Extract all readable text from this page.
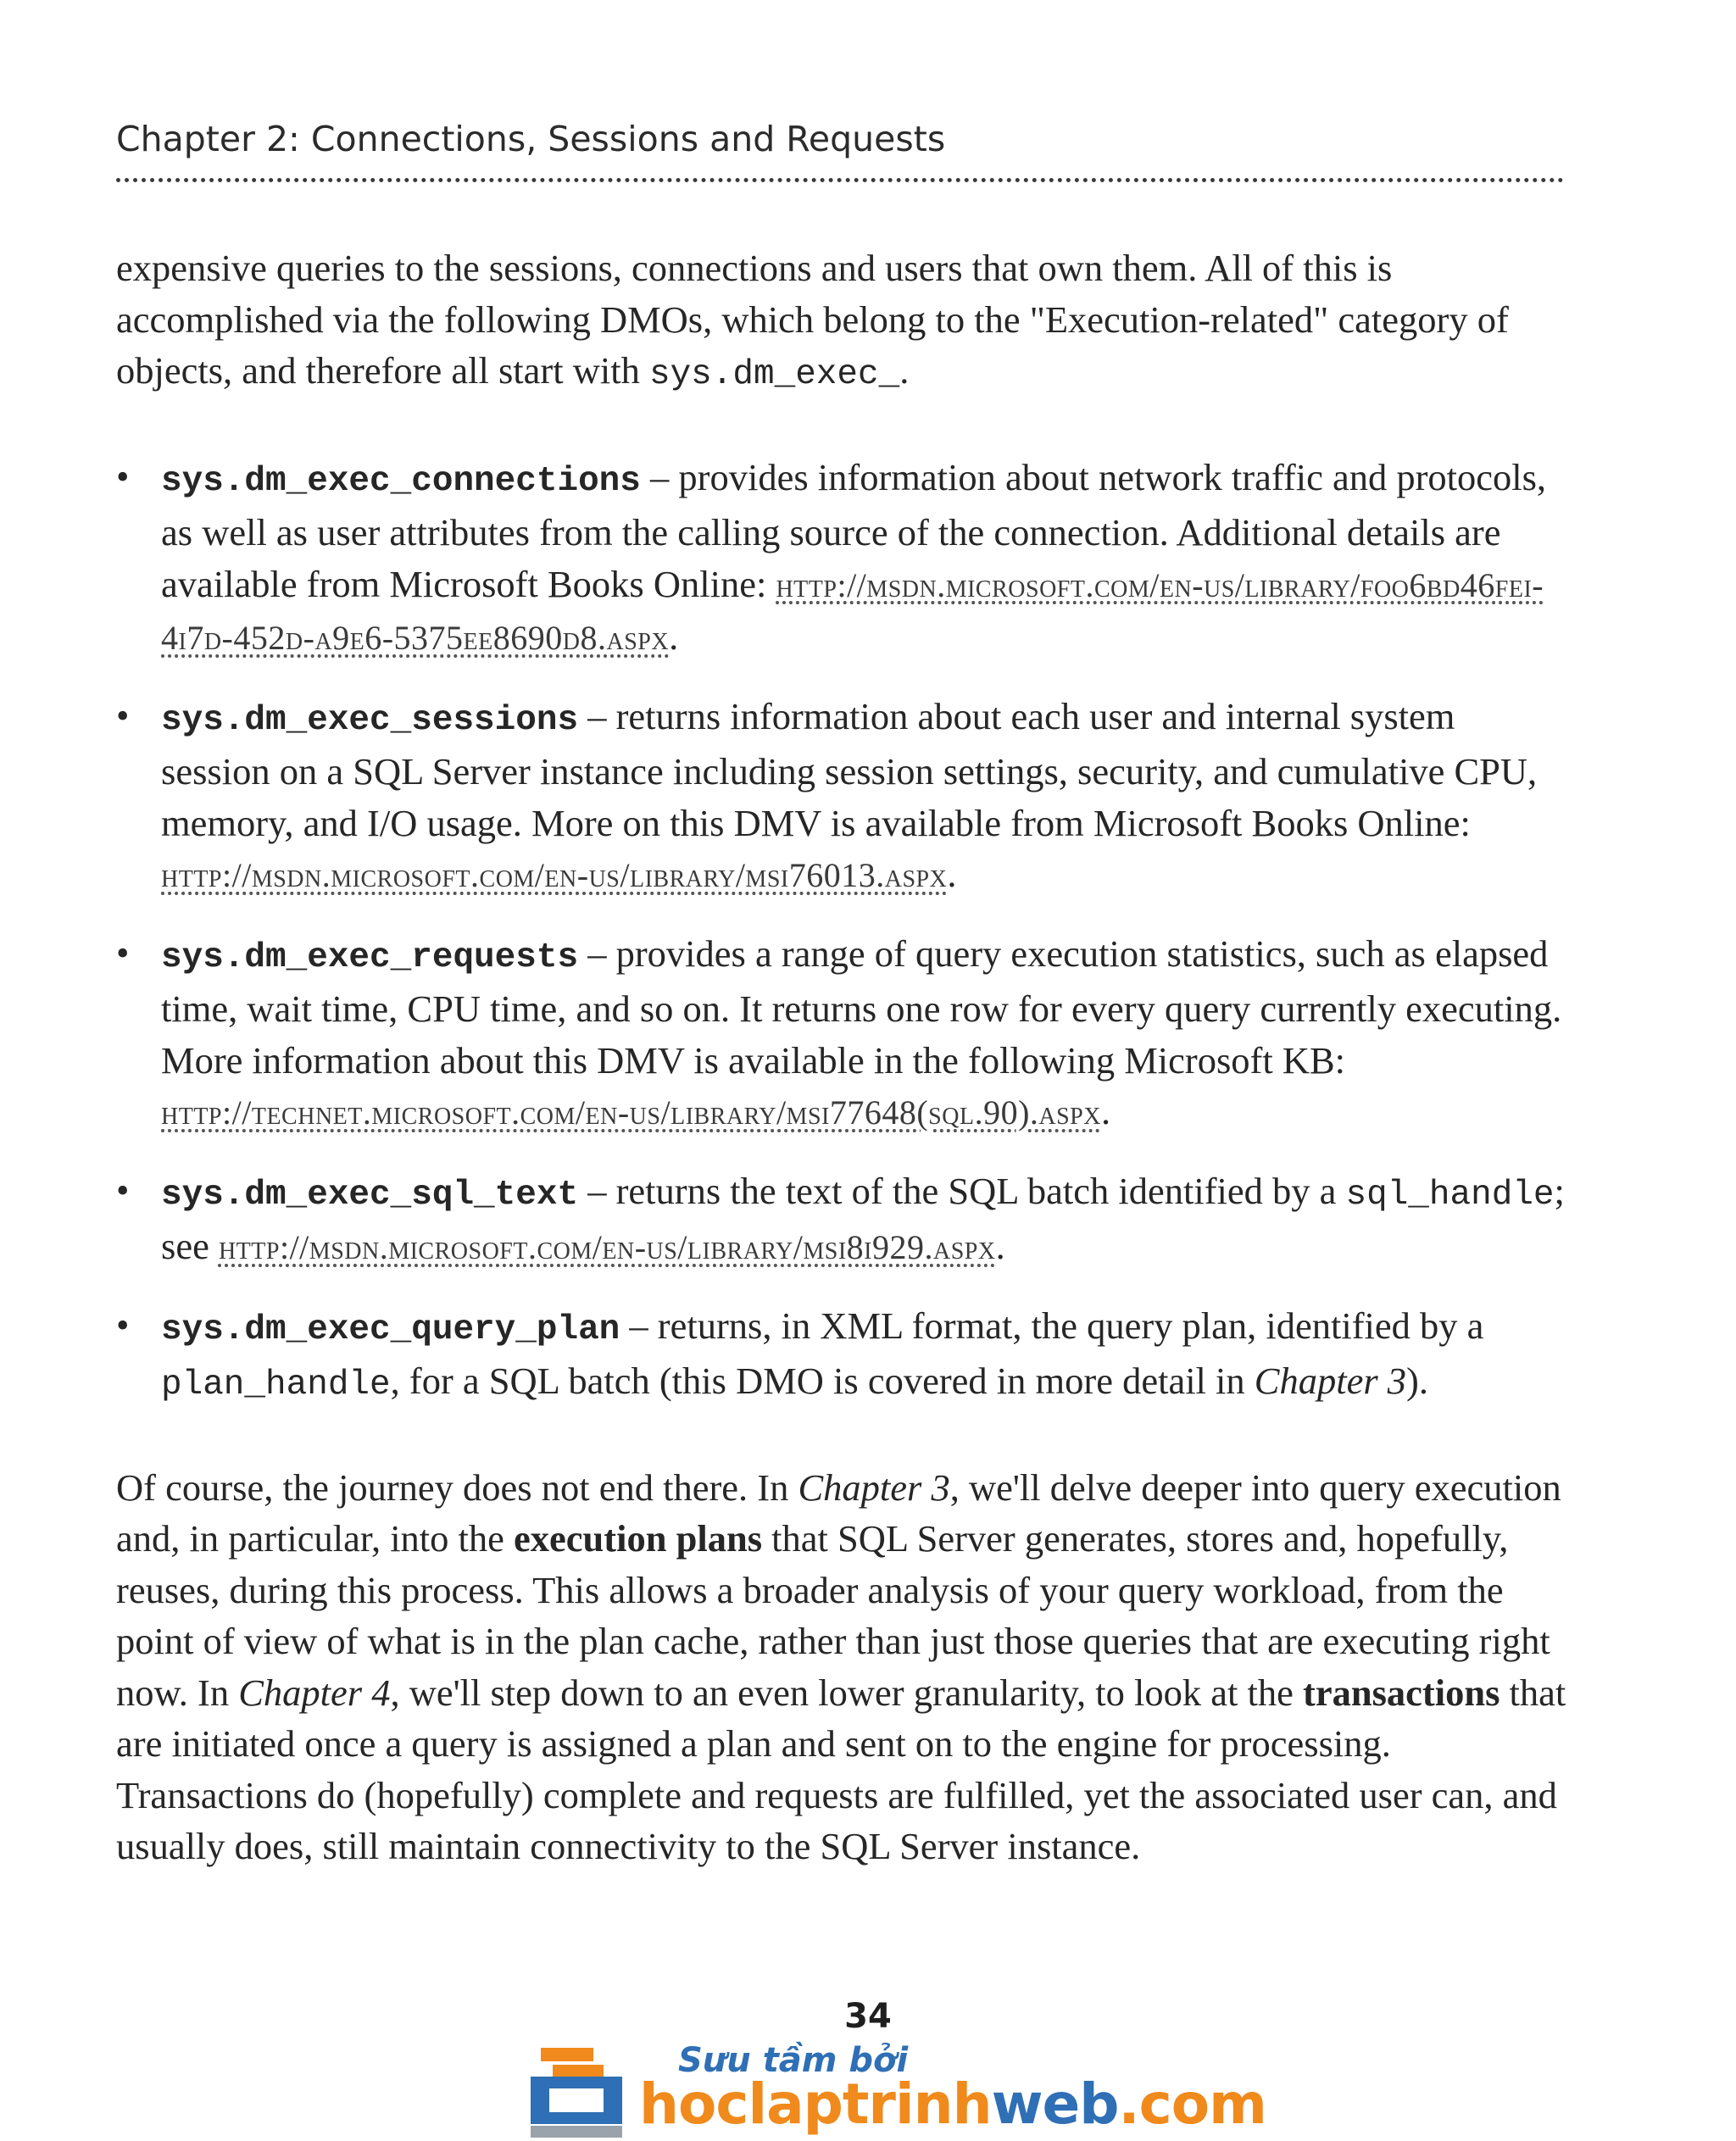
Chapter 2: Connections, Sessions and Requests

expensive queries to the sessions, connections and users that own them. All of this is accomplished via the following DMOs, which belong to the "Execution-related" category of objects, and therefore all start with sys.dm_exec_.

• sys.dm_exec_connections – provides information about network traffic and protocols, as well as user attributes from the calling source of the connection. Additional details are available from Microsoft Books Online: http://msdn.microsoft.com/en-us/library/foo6bd46fei-4i7d-452d-a9e6-5375ee8690d8.aspx.
• sys.dm_exec_sessions – returns information about each user and internal system session on a SQL Server instance including session settings, security, and cumulative CPU, memory, and I/O usage. More on this DMV is available from Microsoft Books Online: http://msdn.microsoft.com/en-us/library/msi76013.aspx.
• sys.dm_exec_requests – provides a range of query execution statistics, such as elapsed time, wait time, CPU time, and so on. It returns one row for every query currently executing. More information about this DMV is available in the following Microsoft KB: http://technet.microsoft.com/en-us/library/msi77648(sql.90).aspx.
• sys.dm_exec_sql_text – returns the text of the SQL batch identified by a sql_handle; see http://msdn.microsoft.com/en-us/library/msi8i929.aspx.
• sys.dm_exec_query_plan – returns, in XML format, the query plan, identified by a plan_handle, for a SQL batch (this DMO is covered in more detail in Chapter 3).

Of course, the journey does not end there. In Chapter 3, we'll delve deeper into query execution and, in particular, into the execution plans that SQL Server generates, stores and, hopefully, reuses, during this process. This allows a broader analysis of your query workload, from the point of view of what is in the plan cache, rather than just those queries that are executing right now. In Chapter 4, we'll step down to an even lower granularity, to look at the transactions that are initiated once a query is assigned a plan and sent on to the engine for processing. Transactions do (hopefully) complete and requests are fulfilled, yet the associated user can, and usually does, still maintain connectivity to the SQL Server instance.

34
Sưu tầm bởi
hoclaptrinhweb.com
